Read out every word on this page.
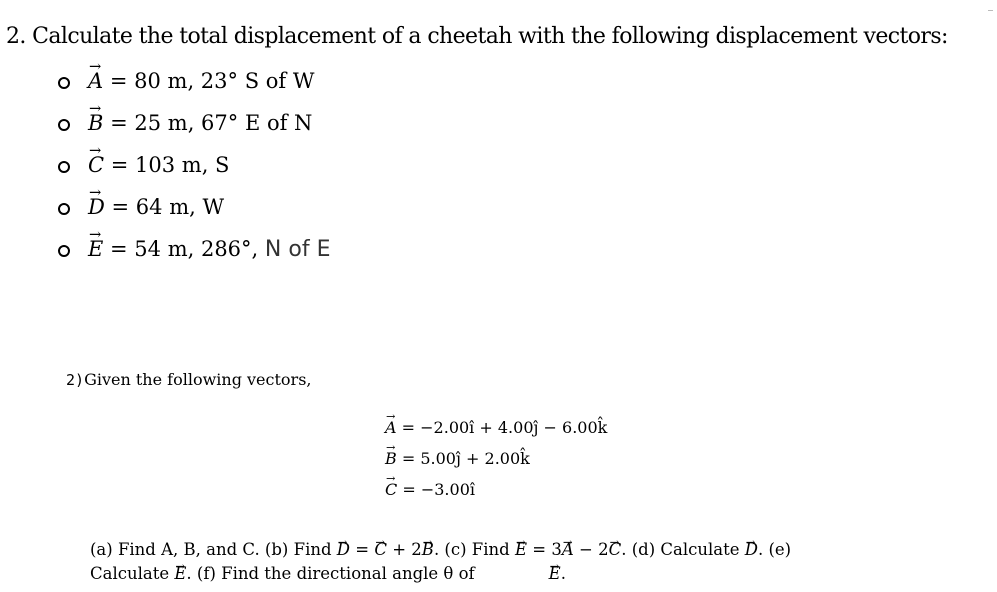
2. Calculate the total displacement of a cheetah with the following displacement vectors:
→ A
= 80 m, 23° S of W
→ B
= 25 m, 67° E of N
→ C
= 103 m, S
→ D
= 64 m, W
→ E
= 54 m, 286°,
N of E
2)Given the following vectors,
→ A
= −2.00î + 4.00ĵ − 6.00k̂
→ B
= 5.00ĵ + 2.00k̂
→ C
= −3.00î
(a) Find A, B, and C. (b) Find → D = → C + 2→ B. (c) Find → E = 3→ A − 2→ C. (d) Calculate → D. (e)
Calculate → E. (f) Find the directional angle θ of→	E.
